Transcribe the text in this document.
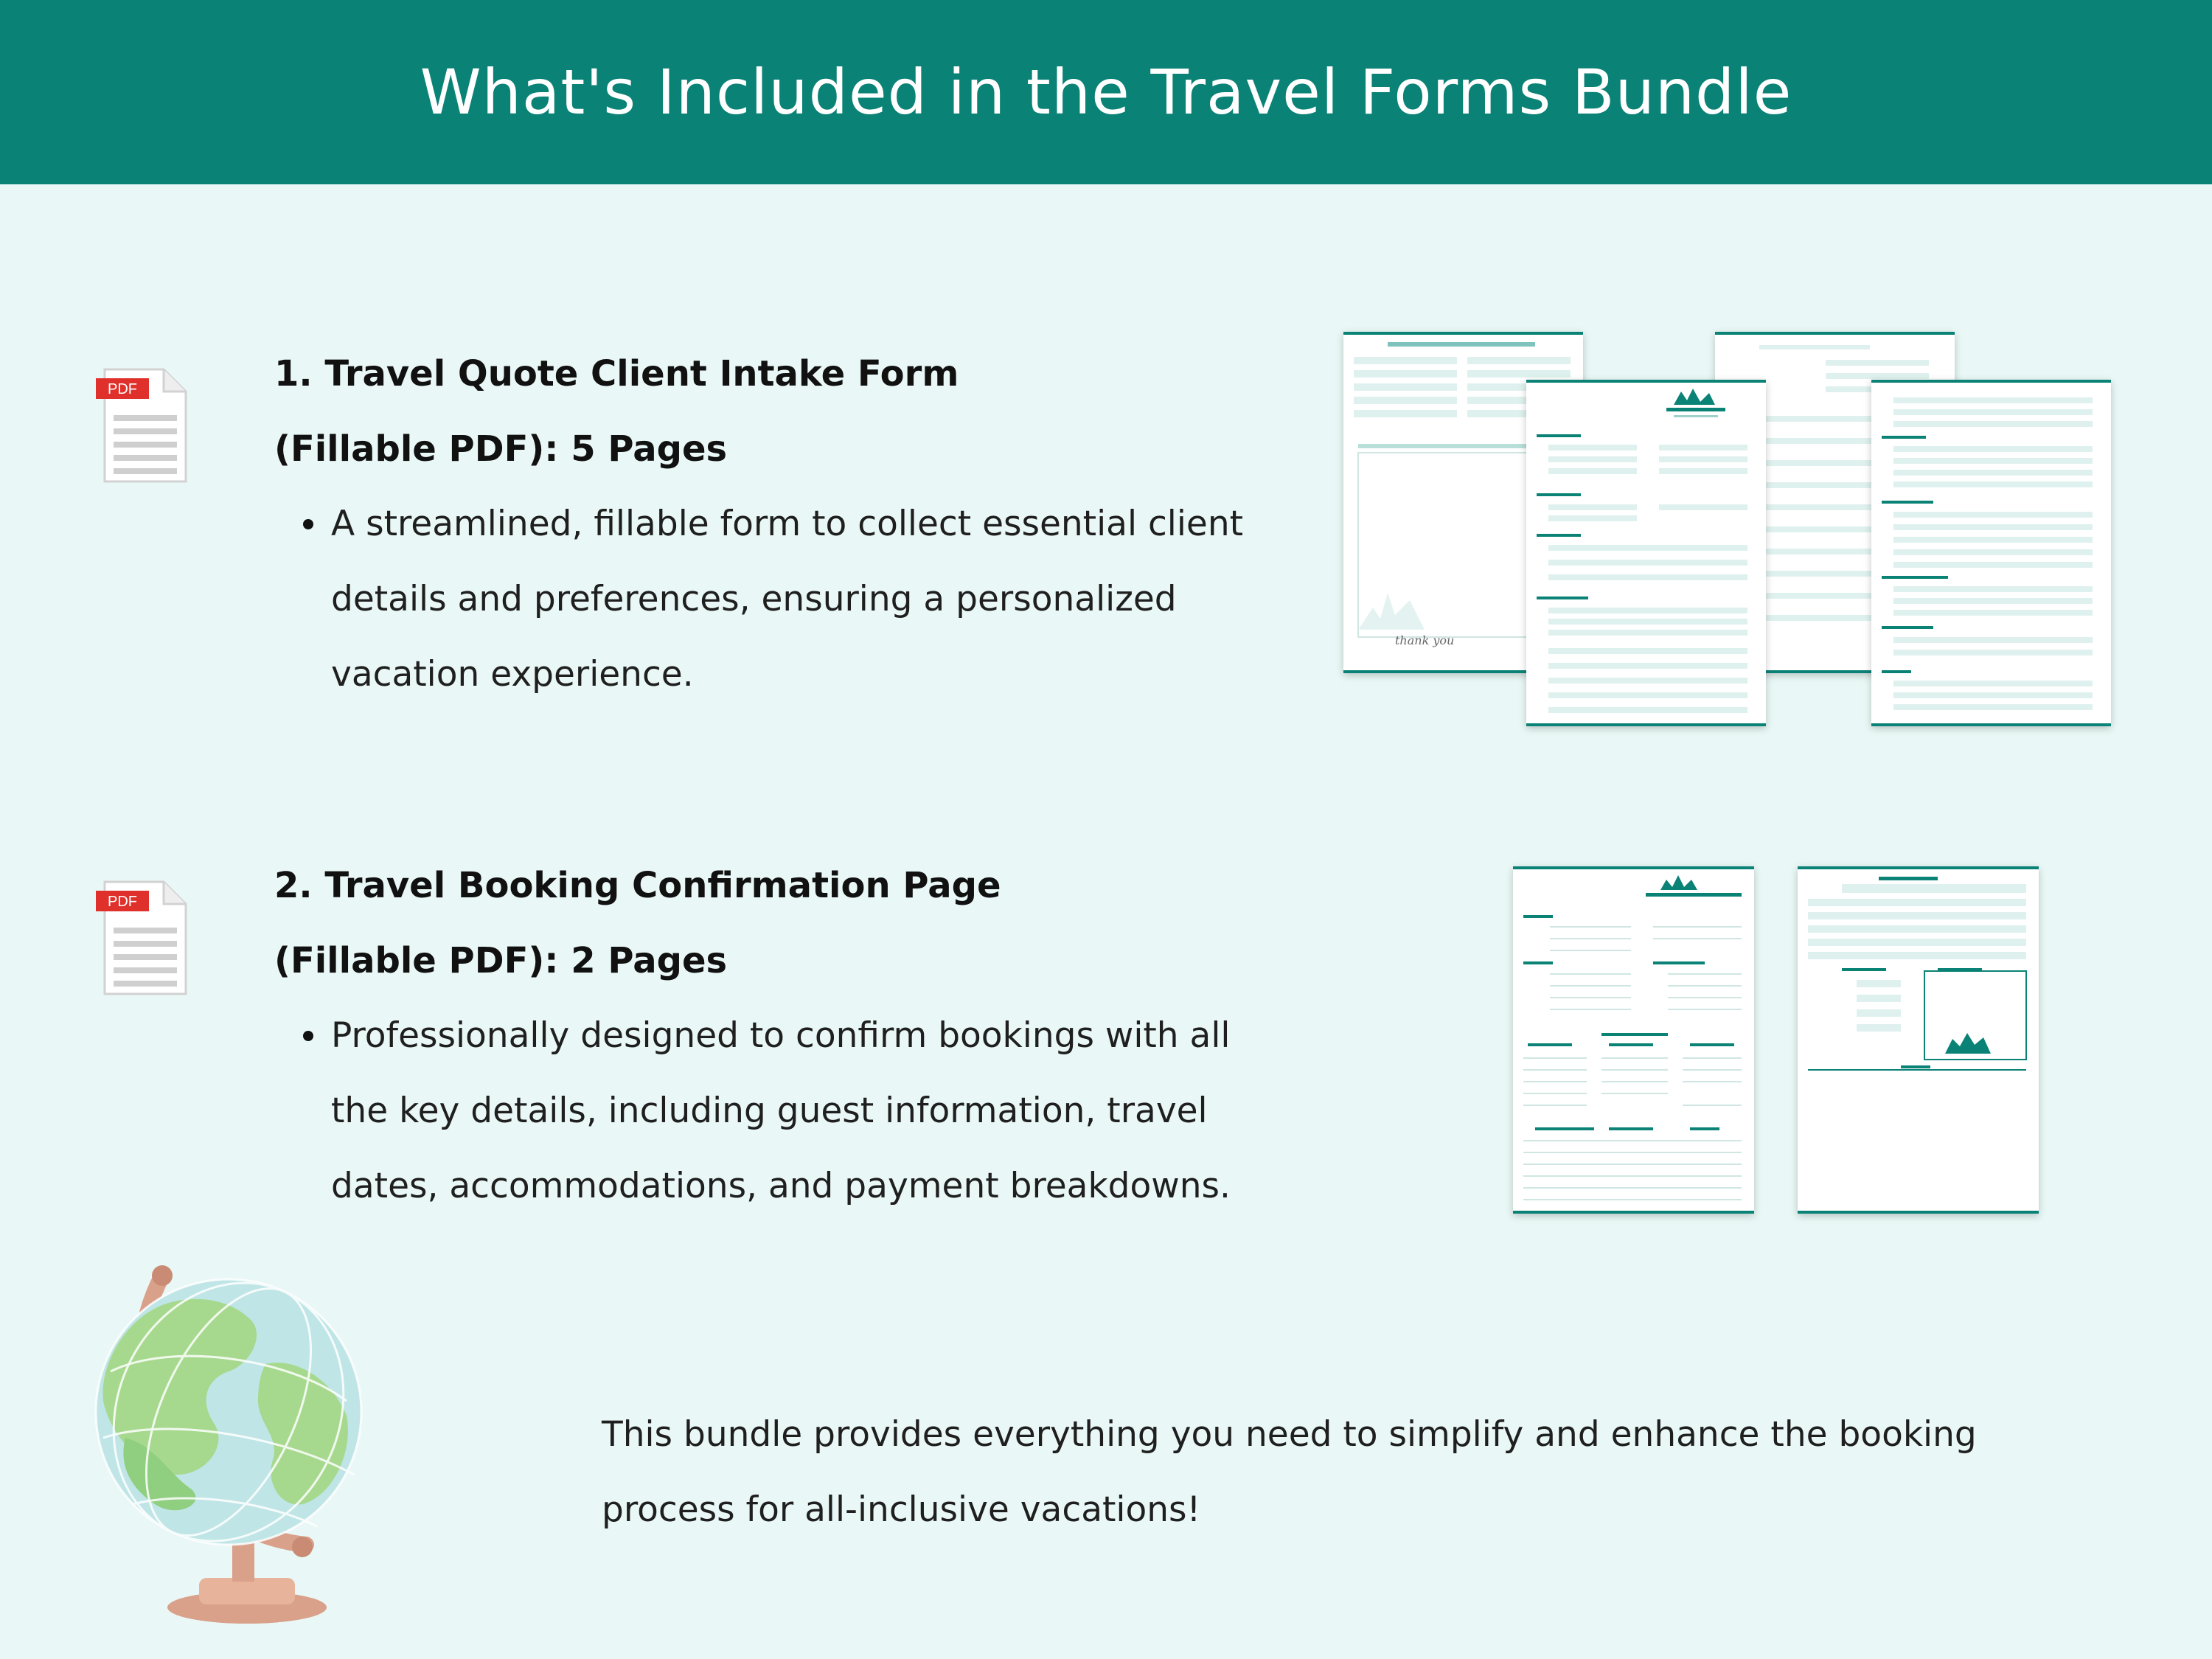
What's Included in the Travel Forms Bundle
PDF	1. Travel Quote Client Intake Form

(Fillable PDF): 5 Pages

A streamlined, fillable form to collect essential client
details and preferences, ensuring a personalized
vacation experience.
thank you
PDF	2. Travel Booking Confirmation Page

(Fillable PDF): 2 Pages

Professionally designed to confirm bookings with all
the key details, including guest information, travel
dates, accommodations, and payment breakdowns.
This bundle provides everything you need to simplify and enhance the booking
process for all-inclusive vacations!
